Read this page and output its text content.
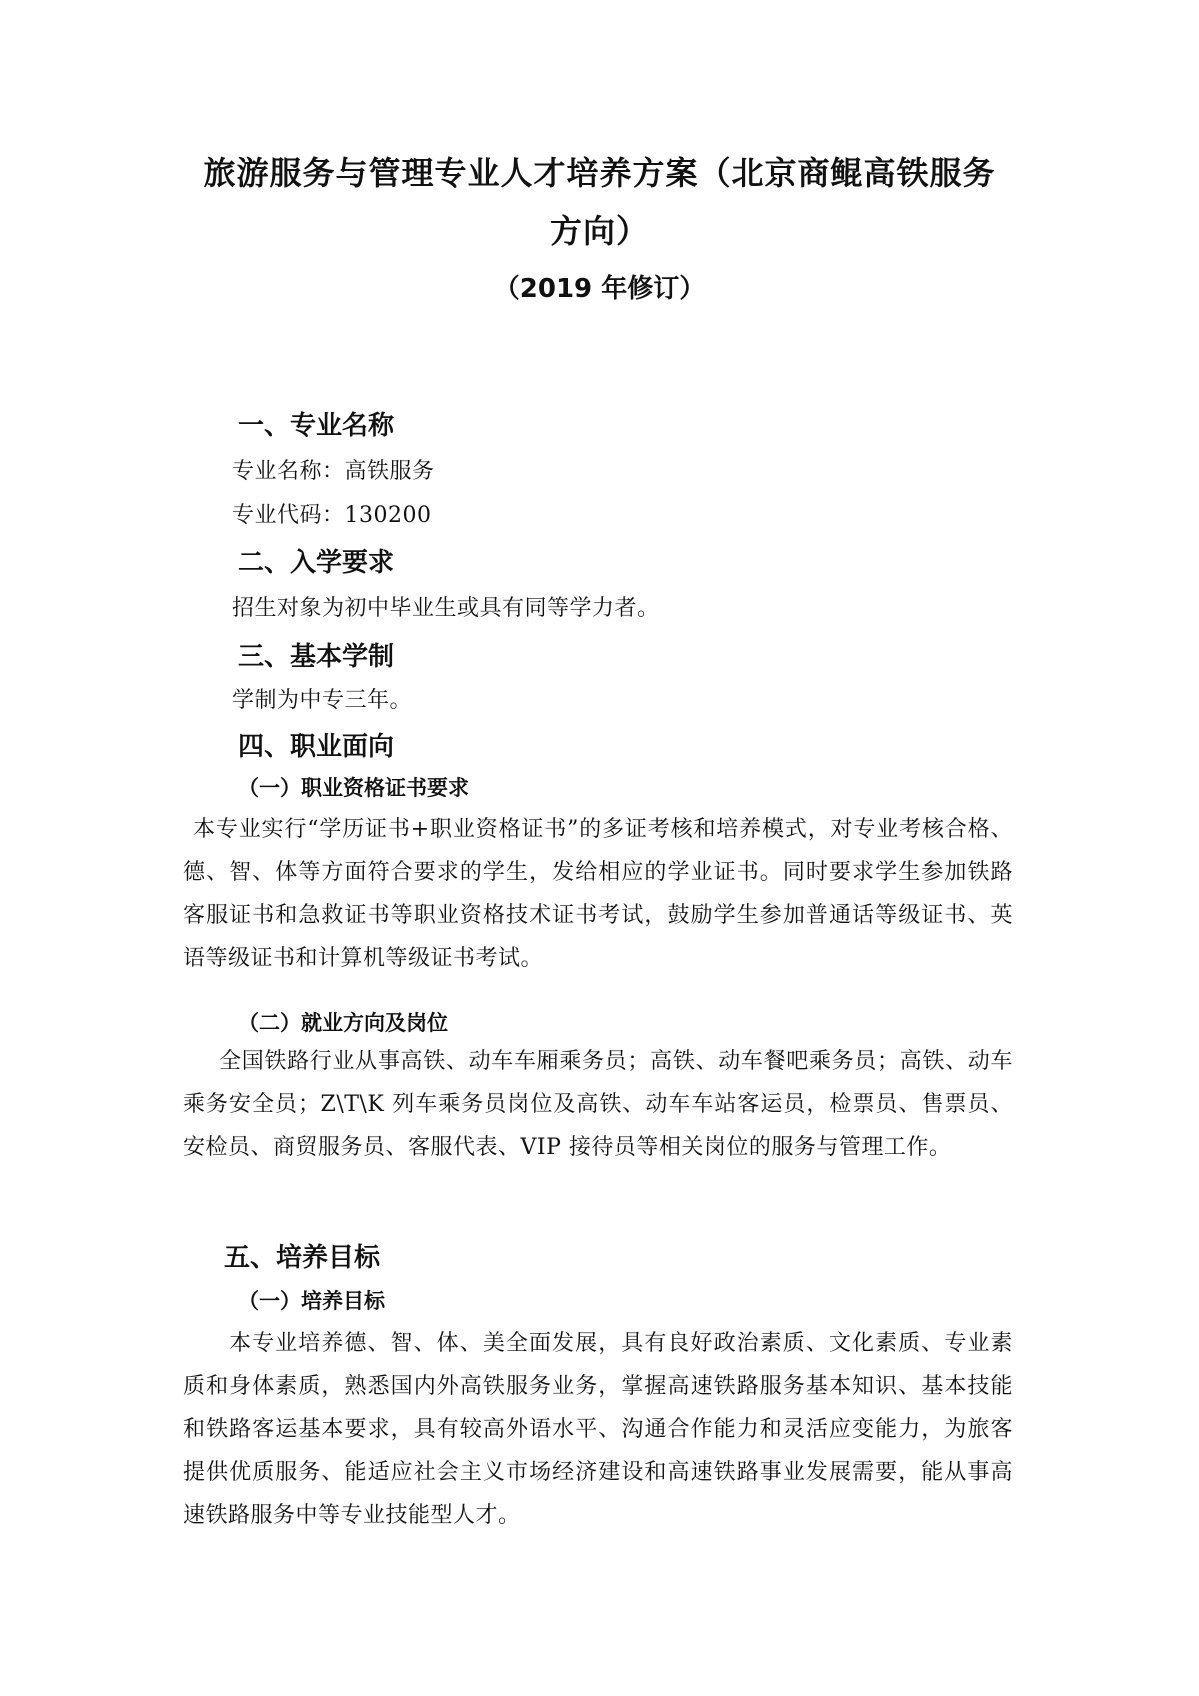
旅游服务与管理专业人才培养方案（北京商鲲高铁服务
方向）

（2019 年修订）

一、专业名称

专业名称：高铁服务

专业代码：130200

二、入学要求

招生对象为初中毕业生或具有同等学力者。

三、基本学制

学制为中专三年。

四、职业面向
（一）职业资格证书要求

本专业实行“学历证书+职业资格证书”的多证考核和培养模式，对专业考核合格、德、智、体等方面符合要求的学生，发给相应的学业证书。同时要求学生参加铁路客服证书和急救证书等职业资格技术证书考试，鼓励学生参加普通话等级证书、英语等级证书和计算机等级证书考试。

（二）就业方向及岗位

全国铁路行业从事高铁、动车车厢乘务员；高铁、动车餐吧乘务员；高铁、动车乘务安全员；Z\T\K 列车乘务员岗位及高铁、动车车站客运员，检票员、售票员、安检员、商贸服务员、客服代表、VIP 接待员等相关岗位的服务与管理工作。

五、培养目标
（一）培养目标

本专业培养德、智、体、美全面发展，具有良好政治素质、文化素质、专业素质和身体素质，熟悉国内外高铁服务业务，掌握高速铁路服务基本知识、基本技能和铁路客运基本要求，具有较高外语水平、沟通合作能力和灵活应变能力，为旅客提供优质服务、能适应社会主义市场经济建设和高速铁路事业发展需要，能从事高速铁路服务中等专业技能型人才。
